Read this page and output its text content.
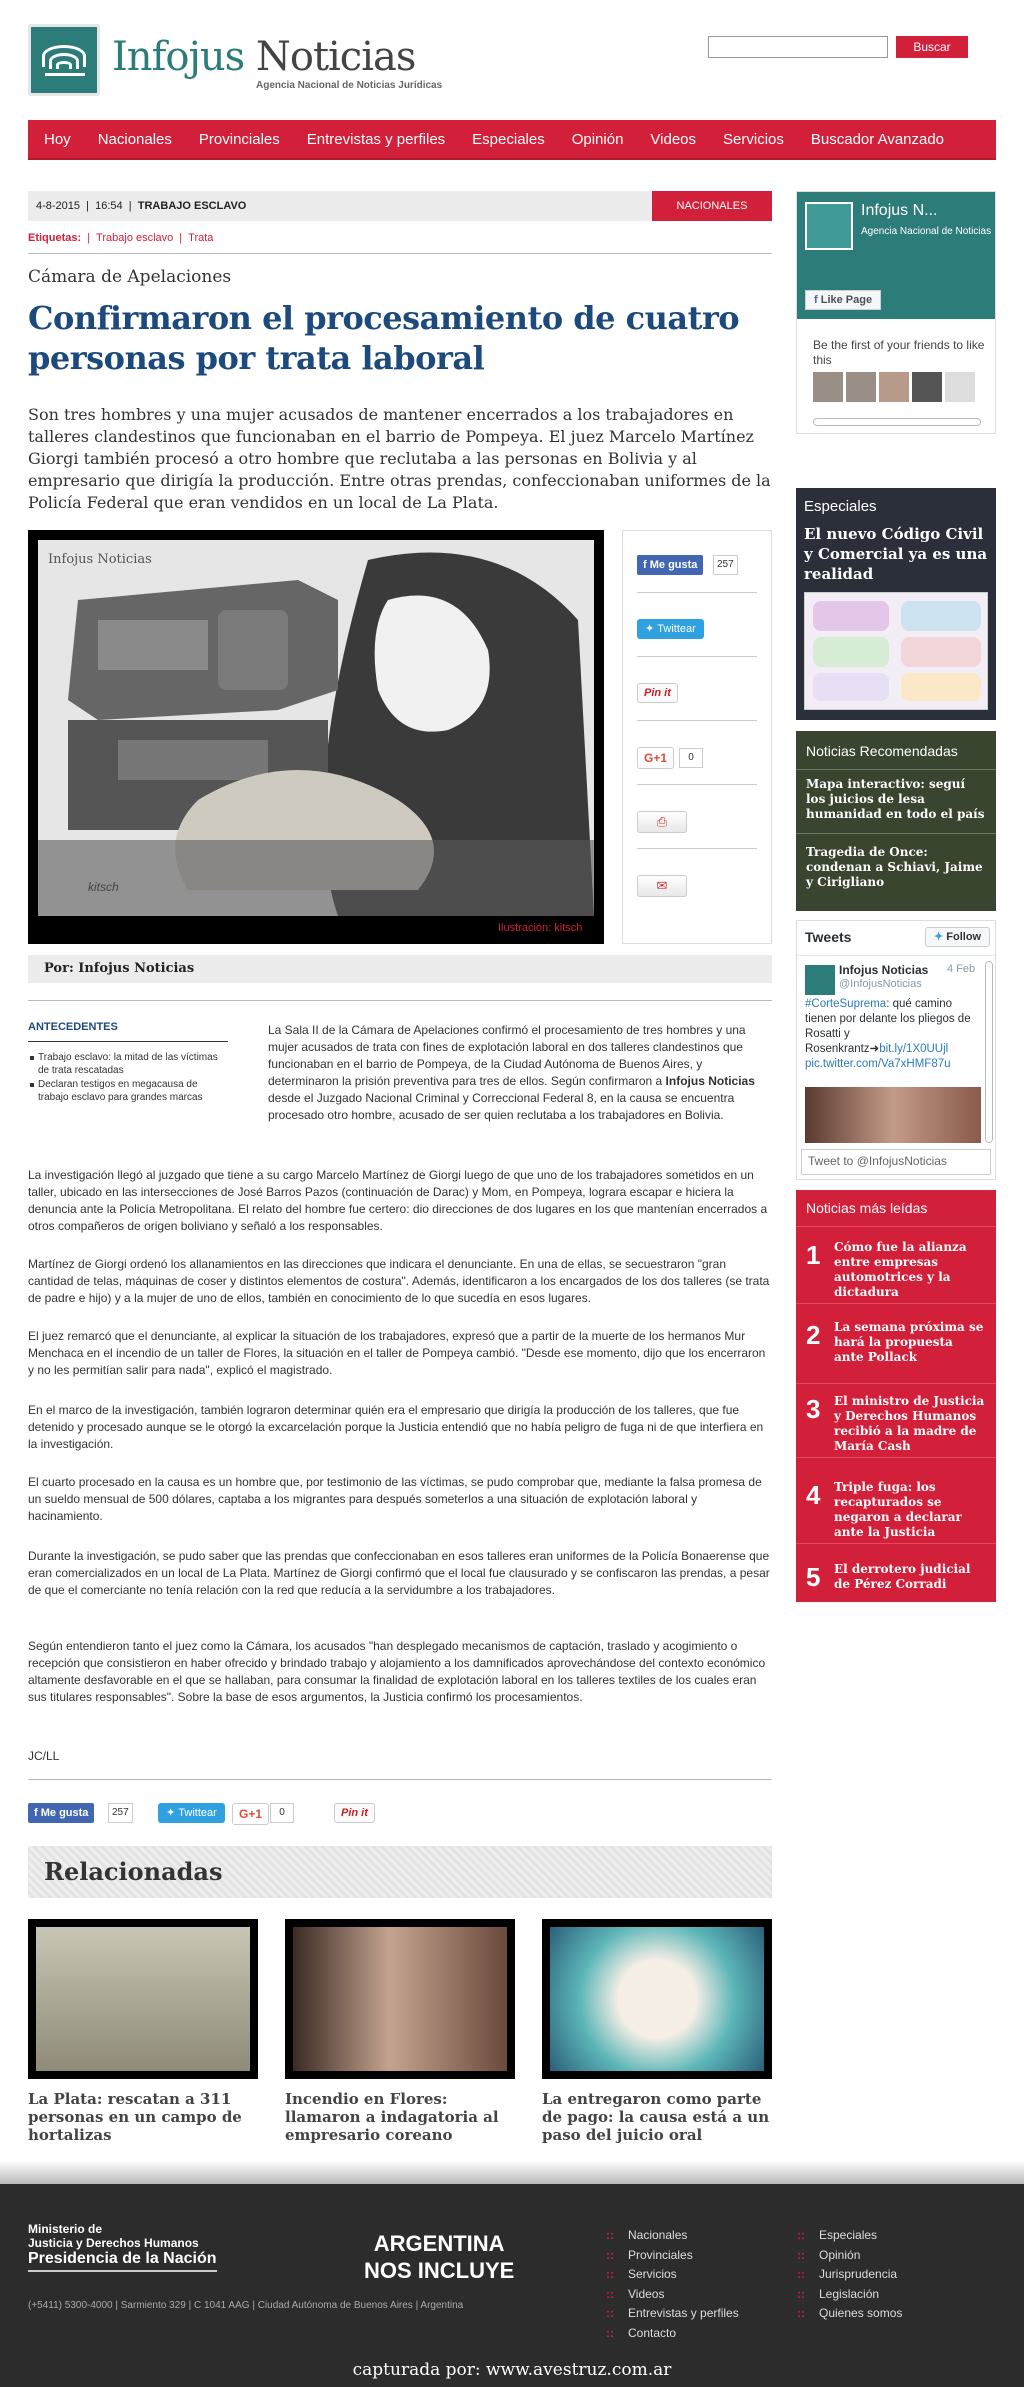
Infojus Noticias
Agencia Nacional de Noticias Jurídicas
Buscar
Hoy Nacionales Provinciales Entrevistas y perfiles Especiales Opinión Videos Servicios Buscador Avanzado
4-8-2015  |  16:54  |  TRABAJO ESCLAVO	NACIONALES
Etiquetas: | Trabajo esclavo | Trata
Cámara de Apelaciones
Confirmaron el procesamiento de cuatro personas por trata laboral

Son tres hombres y una mujer acusados de mantener encerrados a los trabajadores en talleres clandestinos que funcionaban en el barrio de Pompeya. El juez Marcelo Martínez Giorgi también procesó a otro hombre que reclutaba a las personas en Bolivia y al empresario que dirigía la producción. Entre otras prendas, confeccionaban uniformes de la Policía Federal que eran vendidos en un local de La Plata.

Infojus Noticias
kitsch
Ilustración: kitsch
f Me gusta	257
✦ Twittear
Pin it
G+1	0
⎙
✉
Por: Infojus Noticias
ANTECEDENTES
Trabajo esclavo: la mitad de las víctimas de trata rescatadas
Declaran testigos en megacausa de trabajo esclavo para grandes marcas

La Sala II de la Cámara de Apelaciones confirmó el procesamiento de tres hombres y una mujer acusados de trata con fines de explotación laboral en dos talleres clandestinos que funcionaban en el barrio de Pompeya, de la Ciudad Autónoma de Buenos Aires, y determinaron la prisión preventiva para tres de ellos. Según confirmaron a Infojus Noticias desde el Juzgado Nacional Criminal y Correccional Federal 8, en la causa se encuentra procesado otro hombre, acusado de ser quien reclutaba a los trabajadores en Bolivia.

La investigación llegó al juzgado que tiene a su cargo Marcelo Martínez de Giorgi luego de que uno de los trabajadores sometidos en un taller, ubicado en las intersecciones de José Barros Pazos (continuación de Darac) y Mom, en Pompeya, lograra escapar e hiciera la denuncia ante la Policía Metropolitana. El relato del hombre fue certero: dio direcciones de dos lugares en los que mantenían encerrados a otros compañeros de origen boliviano y señaló a los responsables.

Martínez de Giorgi ordenó los allanamientos en las direcciones que indicara el denunciante. En una de ellas, se secuestraron "gran cantidad de telas, máquinas de coser y distintos elementos de costura". Además, identificaron a los encargados de los dos talleres (se trata de padre e hijo) y a la mujer de uno de ellos, también en conocimiento de lo que sucedía en esos lugares.

El juez remarcó que el denunciante, al explicar la situación de los trabajadores, expresó que a partir de la muerte de los hermanos Mur Menchaca en el incendio de un taller de Flores, la situación en el taller de Pompeya cambió. "Desde ese momento, dijo que los encerraron y no les permitían salir para nada", explicó el magistrado.

En el marco de la investigación, también lograron determinar quién era el empresario que dirigía la producción de los talleres, que fue detenido y procesado aunque se le otorgó la excarcelación porque la Justicia entendió que no había peligro de fuga ni de que interfiera en la investigación.

El cuarto procesado en la causa es un hombre que, por testimonio de las víctimas, se pudo comprobar que, mediante la falsa promesa de un sueldo mensual de 500 dólares, captaba a los migrantes para después someterlos a una situación de explotación laboral y hacinamiento.

Durante la investigación, se pudo saber que las prendas que confeccionaban en esos talleres eran uniformes de la Policía Bonaerense que eran comercializados en un local de La Plata. Martínez de Giorgi confirmó que el local fue clausurado y se confiscaron las prendas, a pesar de que el comerciante no tenía relación con la red que reducía a la servidumbre a los trabajadores.

Según entendieron tanto el juez como la Cámara, los acusados "han desplegado mecanismos de captación, traslado y acogimiento o recepción que consistieron en haber ofrecido y brindado trabajo y alojamiento a los damnificados aprovechándose del contexto económico altamente desfavorable en el que se hallaban, para consumar la finalidad de explotación laboral en los talleres textiles de los cuales eran sus titulares responsables". Sobre la base de esos argumentos, la Justicia confirmó los procesamientos.

JC/LL

f Me gusta	257	✦ Twittear	G+1	0	Pin it
Relacionadas
La Plata: rescatan a 311 personas en un campo de hortalizas
Incendio en Flores: llamaron a indagatoria al empresario coreano
La entregaron como parte de pago: la causa está a un paso del juicio oral
Infojus N...
Agencia Nacional de Noticias
f Like Page
Be the first of your friends to like this
Especiales
El nuevo Código Civil y Comercial ya es una realidad
Noticias Recomendadas
Mapa interactivo: seguí los juicios de lesa humanidad en todo el país
Tragedia de Once: condenan a Schiavi, Jaime y Cirigliano
Tweets	✦ Follow
Infojus Noticias 4 Feb
@InfojusNoticias
#CorteSuprema: qué camino tienen por delante los pliegos de Rosatti y Rosenkrantz➜bit.ly/1X0UUjl pic.twitter.com/Va7xHMF87u
Tweet to @InfojusNoticias
Noticias más leídas
1 Cómo fue la alianza entre empresas automotrices y la dictadura
2 La semana próxima se hará la propuesta ante Pollack
3 El ministro de Justicia y Derechos Humanos recibió a la madre de María Cash
4 Triple fuga: los recapturados se negaron a declarar ante la Justicia
5 El derrotero judicial de Pérez Corradi
Ministerio de
Justicia y Derechos Humanos
Presidencia de la Nación
(+5411) 5300-4000 | Sarmiento 329 | C 1041 AAG | Ciudad Autónoma de Buenos Aires | Argentina
ARGENTINA
NOS INCLUYE
:: Nacionales
:: Provinciales
:: Servicios
:: Videos
:: Entrevistas y perfiles
:: Contacto
:: Especiales
:: Opinión
:: Jurisprudencia
:: Legislación
:: Quienes somos
capturada por: www.avestruz.com.ar
